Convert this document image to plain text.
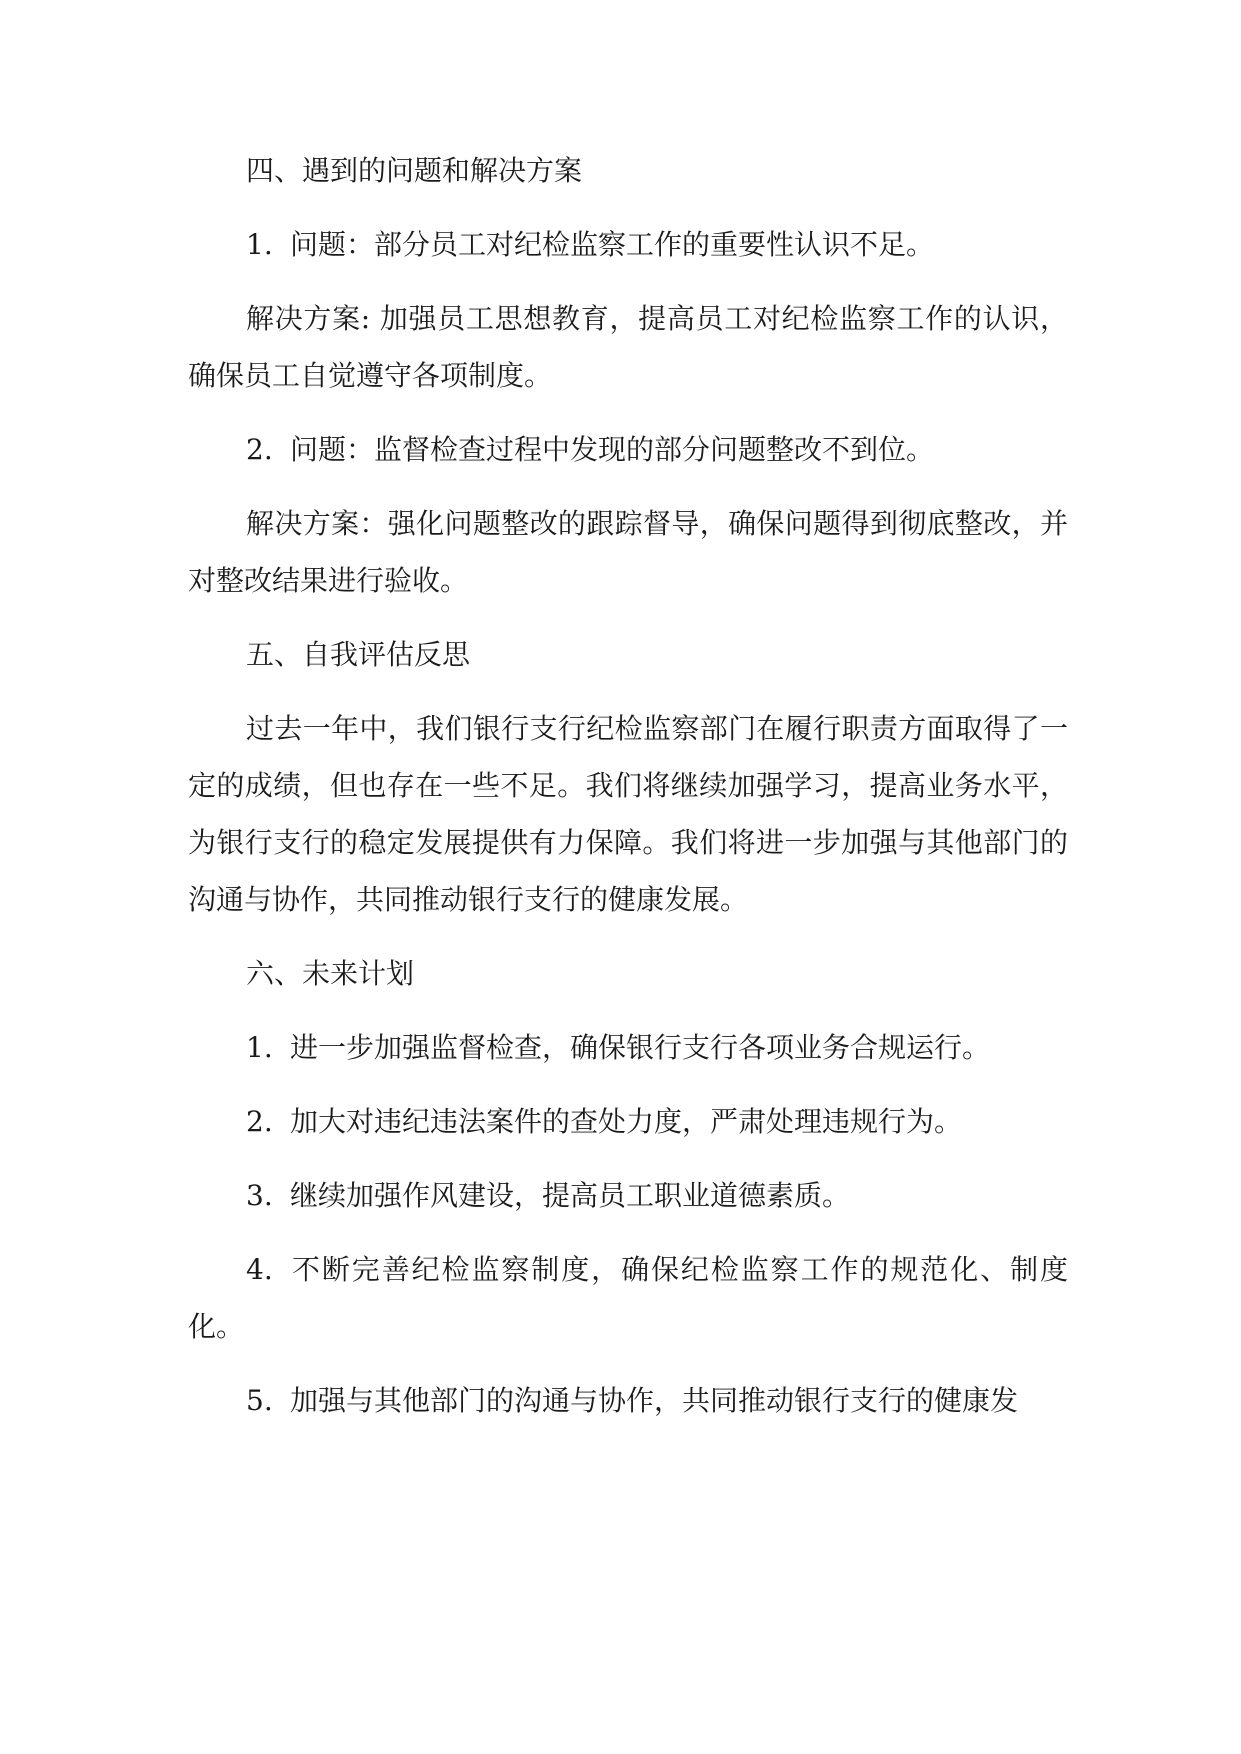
四、遇到的问题和解决方案

1. 问题：部分员工对纪检监察工作的重要性认识不足。

解决方案: 加强员工思想教育，提高员工对纪检监察工作的认识，确保员工自觉遵守各项制度。

2. 问题：监督检查过程中发现的部分问题整改不到位。

解决方案：强化问题整改的跟踪督导，确保问题得到彻底整改，并对整改结果进行验收。

五、自我评估反思

过去一年中，我们银行支行纪检监察部门在履行职责方面取得了一定的成绩，但也存在一些不足。我们将继续加强学习，提高业务水平，为银行支行的稳定发展提供有力保障。我们将进一步加强与其他部门的沟通与协作，共同推动银行支行的健康发展。

六、未来计划

1. 进一步加强监督检查，确保银行支行各项业务合规运行。

2. 加大对违纪违法案件的查处力度，严肃处理违规行为。

3. 继续加强作风建设，提高员工职业道德素质。

4. 不断完善纪检监察制度，确保纪检监察工作的规范化、制度化。

5. 加强与其他部门的沟通与协作，共同推动银行支行的健康发
